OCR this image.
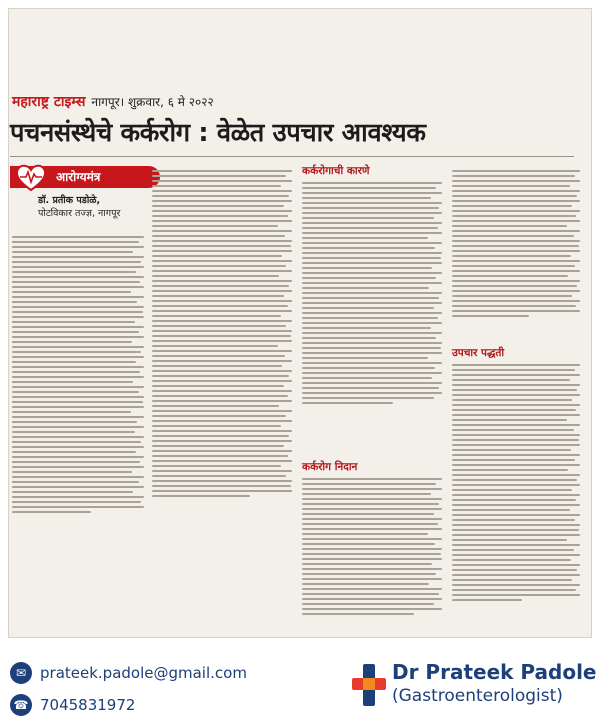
महाराष्ट्र टाइम्स नागपूर। शुक्रवार, ६ मे २०२२
पचनसंस्थेचे कर्करोग : वेळेत उपचार आवश्यक
आरोग्यमंत्र
डॉ. प्रतीक पडोळे,
पोटविकार तज्ज्ञ, नागपूर
कर्करोगाची कारणे
कर्करोग निदान
उपचार पद्धती
✉ prateek.padole@gmail.com
☎ 7045831972
Dr Prateek Padole
(Gastroenterologist)
